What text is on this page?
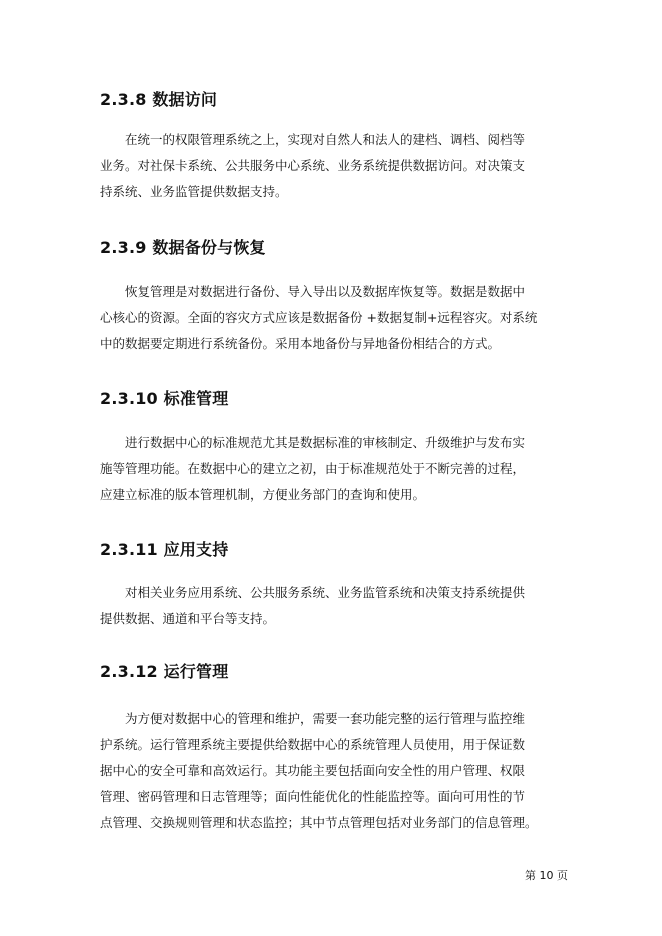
2.3.8 数据访问
在统一的权限管理系统之上，实现对自然人和法人的建档、调档、阅档等
业务。对社保卡系统、公共服务中心系统、业务系统提供数据访问。对决策支
持系统、业务监管提供数据支持。
2.3.9 数据备份与恢复
恢复管理是对数据进行备份、导入导出以及数据库恢复等。数据是数据中
心核心的资源。全面的容灾方式应该是数据备份 +数据复制+远程容灾。对系统
中的数据要定期进行系统备份。采用本地备份与异地备份相结合的方式。
2.3.10 标准管理
进行数据中心的标准规范尤其是数据标准的审核制定、升级维护与发布实
施等管理功能。在数据中心的建立之初，由于标准规范处于不断完善的过程，
应建立标准的版本管理机制，方便业务部门的查询和使用。
2.3.11 应用支持
对相关业务应用系统、公共服务系统、业务监管系统和决策支持系统提供
提供数据、通道和平台等支持。
2.3.12 运行管理
为方便对数据中心的管理和维护，需要一套功能完整的运行管理与监控维
护系统。运行管理系统主要提供给数据中心的系统管理人员使用，用于保证数
据中心的安全可靠和高效运行。其功能主要包括面向安全性的用户管理、权限
管理、密码管理和日志管理等；面向性能优化的性能监控等。面向可用性的节
点管理、交换规则管理和状态监控；其中节点管理包括对业务部门的信息管理。
第 10 页
